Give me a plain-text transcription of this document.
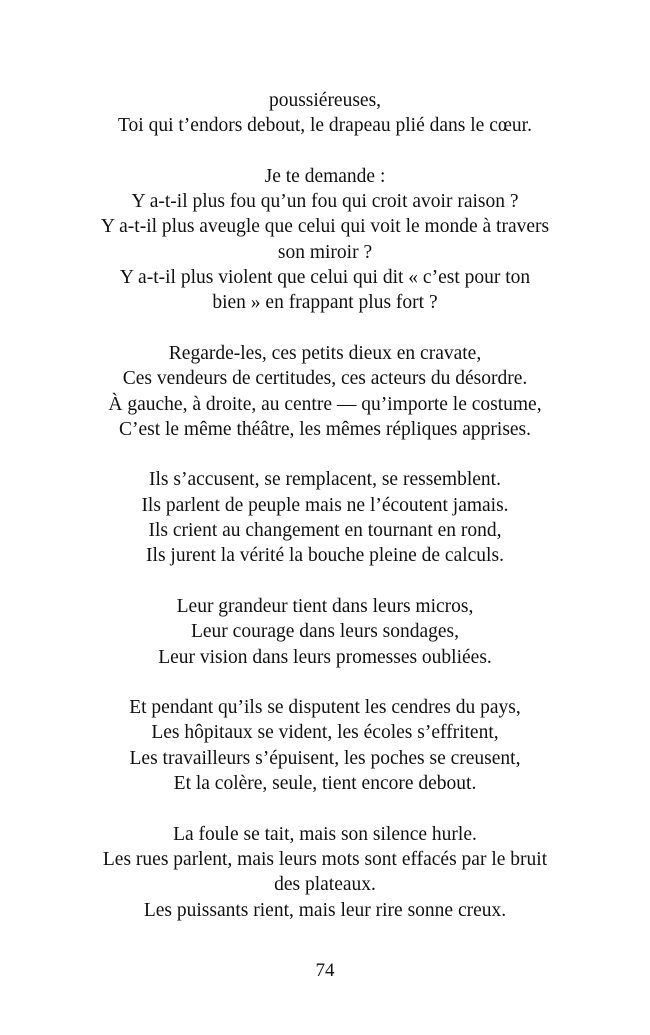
poussiéreuses,
Toi qui t’endors debout, le drapeau plié dans le cœur.
Je te demande :
Y a-t-il plus fou qu’un fou qui croit avoir raison ?
Y a-t-il plus aveugle que celui qui voit le monde à travers
son miroir ?
Y a-t-il plus violent que celui qui dit « c’est pour ton
bien » en frappant plus fort ?
Regarde-les, ces petits dieux en cravate,
Ces vendeurs de certitudes, ces acteurs du désordre.
À gauche, à droite, au centre — qu’importe le costume,
C’est le même théâtre, les mêmes répliques apprises.
Ils s’accusent, se remplacent, se ressemblent.
Ils parlent de peuple mais ne l’écoutent jamais.
Ils crient au changement en tournant en rond,
Ils jurent la vérité la bouche pleine de calculs.
Leur grandeur tient dans leurs micros,
Leur courage dans leurs sondages,
Leur vision dans leurs promesses oubliées.
Et pendant qu’ils se disputent les cendres du pays,
Les hôpitaux se vident, les écoles s’effritent,
Les travailleurs s’épuisent, les poches se creusent,
Et la colère, seule, tient encore debout.
La foule se tait, mais son silence hurle.
Les rues parlent, mais leurs mots sont effacés par le bruit
des plateaux.
Les puissants rient, mais leur rire sonne creux.
74
